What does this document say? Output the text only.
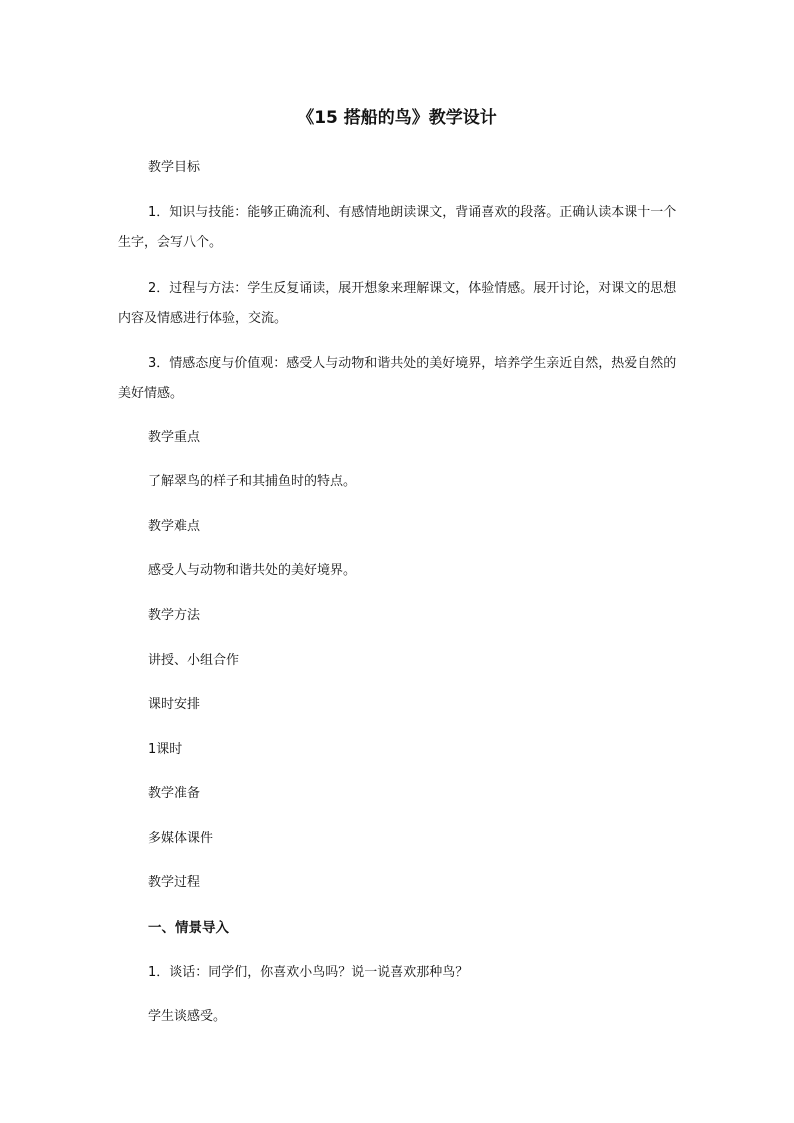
《15 搭船的鸟》教学设计

教学目标

1．知识与技能：能够正确流利、有感情地朗读课文，背诵喜欢的段落。正确认读本课十一个生字，会写八个。

2．过程与方法：学生反复诵读，展开想象来理解课文，体验情感。展开讨论，对课文的思想内容及情感进行体验，交流。

3．情感态度与价值观：感受人与动物和谐共处的美好境界，培养学生亲近自然，热爱自然的美好情感。

教学重点

了解翠鸟的样子和其捕鱼时的特点。

教学难点

感受人与动物和谐共处的美好境界。

教学方法

讲授、小组合作

课时安排

1课时

教学准备

多媒体课件

教学过程

一、情景导入

1．谈话：同学们，你喜欢小鸟吗？说一说喜欢那种鸟？

学生谈感受。
